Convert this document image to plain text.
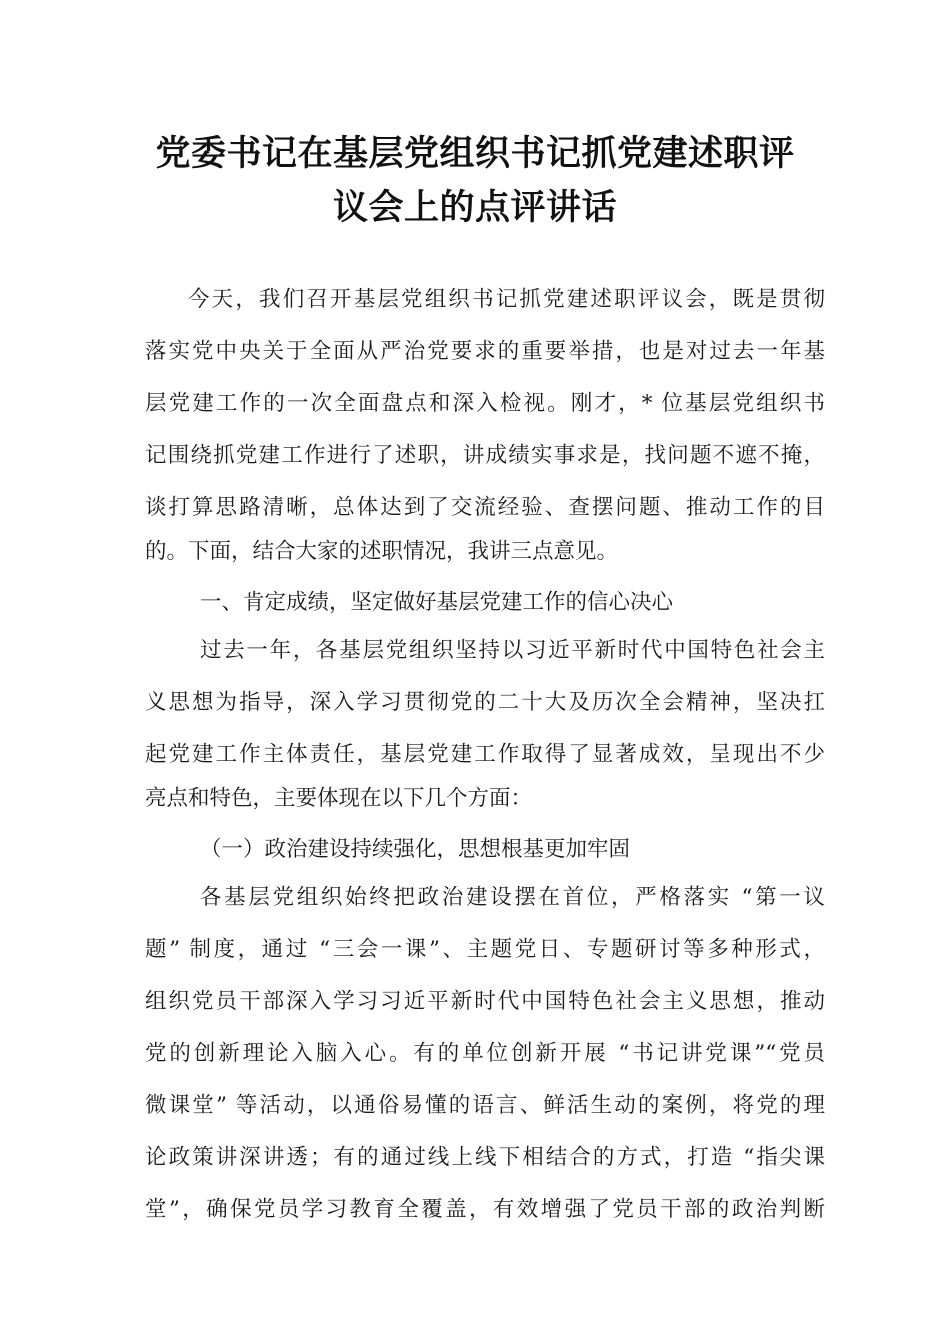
党委书记在基层党组织书记抓党建述职评
议会上的点评讲话
今天，我们召开基层党组织书记抓党建述职评议会，既是贯彻
落实党中央关于全面从严治党要求的重要举措，也是对过去一年基
层党建工作的一次全面盘点和深入检视。刚才，* 位基层党组织书
记围绕抓党建工作进行了述职，讲成绩实事求是，找问题不遮不掩，
谈打算思路清晰，总体达到了交流经验、查摆问题、推动工作的目
的。下面，结合大家的述职情况，我讲三点意见。
一、肯定成绩，坚定做好基层党建工作的信心决心
过去一年，各基层党组织坚持以习近平新时代中国特色社会主
义思想为指导，深入学习贯彻党的二十大及历次全会精神，坚决扛
起党建工作主体责任，基层党建工作取得了显著成效，呈现出不少
亮点和特色，主要体现在以下几个方面：
（一）政治建设持续强化，思想根基更加牢固
各基层党组织始终把政治建设摆在首位，严格落实 “第一议
题” 制度，通过 “三会一课”、主题党日、专题研讨等多种形式，
组织党员干部深入学习习近平新时代中国特色社会主义思想，推动
党的创新理论入脑入心。有的单位创新开展 “书记讲党课”“党员
微课堂” 等活动，以通俗易懂的语言、鲜活生动的案例，将党的理
论政策讲深讲透；有的通过线上线下相结合的方式，打造 “指尖课
堂”，确保党员学习教育全覆盖，有效增强了党员干部的政治判断
